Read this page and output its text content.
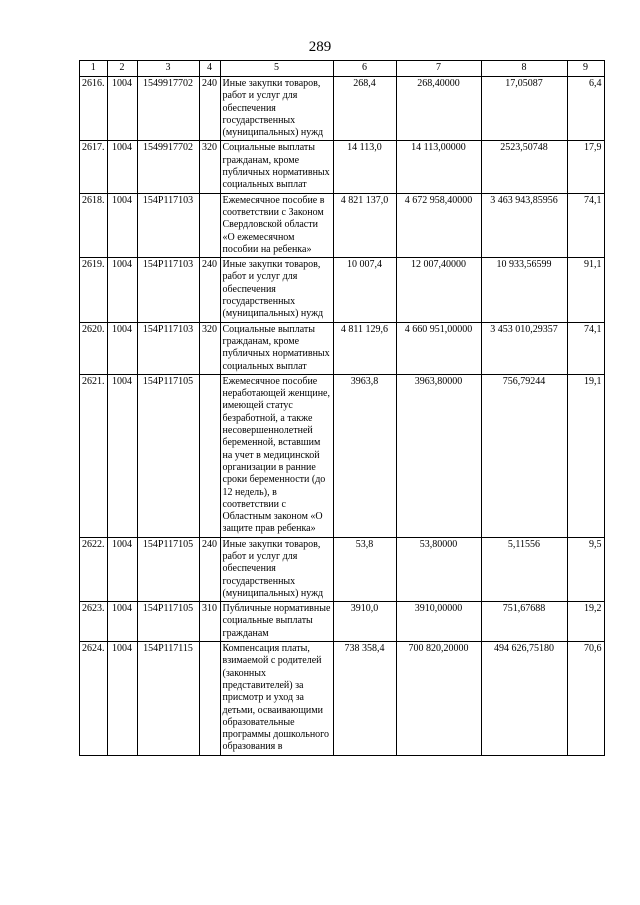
289
1	2	3	4	5	6	7	8	9
2616.	1004	1549917702	240	Иные закупки товаров, работ и услуг для обеспечения государственных (муниципальных) нужд	268,4	268,40000	17,05087	6,4
2617.	1004	1549917702	320	Социальные выплаты гражданам, кроме публичных нормативных социальных выплат	14 113,0	14 113,00000	2523,50748	17,9
2618.	1004	154P117103		Ежемесячное пособие в соответствии с Законом Свердловской области «О ежемесячном пособии на ребенка»	4 821 137,0	4 672 958,40000	3 463 943,85956	74,1
2619.	1004	154P117103	240	Иные закупки товаров, работ и услуг для обеспечения государственных (муниципальных) нужд	10 007,4	12 007,40000	10 933,56599	91,1
2620.	1004	154P117103	320	Социальные выплаты гражданам, кроме публичных нормативных социальных выплат	4 811 129,6	4 660 951,00000	3 453 010,29357	74,1
2621.	1004	154P117105		Ежемесячное пособие неработающей женщине, имеющей статус безработной, а также несовершеннолетней беременной, вставшим на учет в медицинской организации в ранние сроки беременности (до 12 недель), в соответствии с Областным законом «О защите прав ребенка»	3963,8	3963,80000	756,79244	19,1
2622.	1004	154P117105	240	Иные закупки товаров, работ и услуг для обеспечения государственных (муниципальных) нужд	53,8	53,80000	5,11556	9,5
2623.	1004	154P117105	310	Публичные нормативные социальные выплаты гражданам	3910,0	3910,00000	751,67688	19,2
2624.	1004	154P117115		Компенсация платы, взимаемой с родителей (законных представителей) за присмотр и уход за детьми, осваивающими образовательные программы дошкольного образования в	738 358,4	700 820,20000	494 626,75180	70,6
